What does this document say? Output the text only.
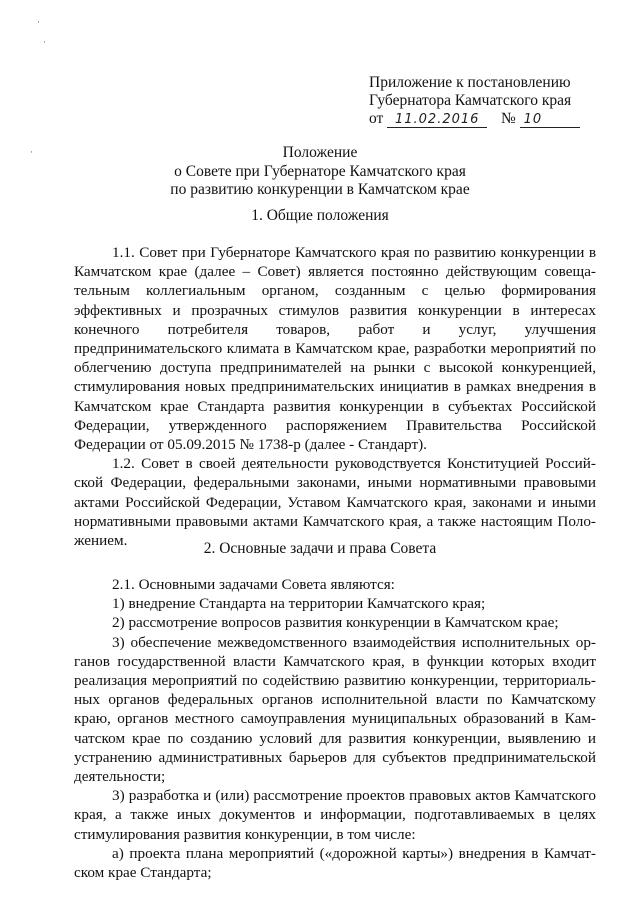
·
·
·
Приложение к постановлению
Губернатора Камчатского края
от 11.02.2016 № 10
Положение
о Совете при Губернаторе Камчатского края
по развитию конкуренции в Камчатском крае
1. Общие положения
1.1. Совет при Губернаторе Камчатского края по развитию конкуренции в
Камчатском крае (далее – Совет) является постоянно действующим совеща-
тельным коллегиальным органом, созданным с целью формирования
эффективных и прозрачных стимулов развития конкуренции в интересах
конечного потребителя товаров, работ и услуг, улучшения
предпринимательского климата в Камчатском крае, разработки мероприятий по
облегчению доступа предпринимателей на рынки с высокой конкуренцией,
стимулирования новых предпринимательских инициатив в рамках внедрения в
Камчатском крае Стандарта развития конкуренции в субъектах Российской
Федерации, утвержденного распоряжением Правительства Российской
Федерации от 05.09.2015 № 1738-р (далее - Стандарт).
1.2. Совет в своей деятельности руководствуется Конституцией Россий-
ской Федерации, федеральными законами, иными нормативными правовыми
актами Российской Федерации, Уставом Камчатского края, законами и иными
нормативными правовыми актами Камчатского края, а также настоящим Поло-
жением.	2. Основные задачи и права Совета
2.1. Основными задачами Совета являются:
1) внедрение Стандарта на территории Камчатского края;
2) рассмотрение вопросов развития конкуренции в Камчатском крае;
3) обеспечение межведомственного взаимодействия исполнительных ор-
ганов государственной власти Камчатского края, в функции которых входит
реализация мероприятий по содействию развитию конкуренции, территориаль-
ных органов федеральных органов исполнительной власти по Камчатскому
краю, органов местного самоуправления муниципальных образований в Кам-
чатском крае по созданию условий для развития конкуренции, выявлению и
устранению административных барьеров для субъектов предпринимательской
деятельности;
3) разработка и (или) рассмотрение проектов правовых актов Камчатского
края, а также иных документов и информации, подготавливаемых в целях
стимулирования развития конкуренции, в том числе:
а) проекта плана мероприятий («дорожной карты») внедрения в Камчат-
ском крае Стандарта;
